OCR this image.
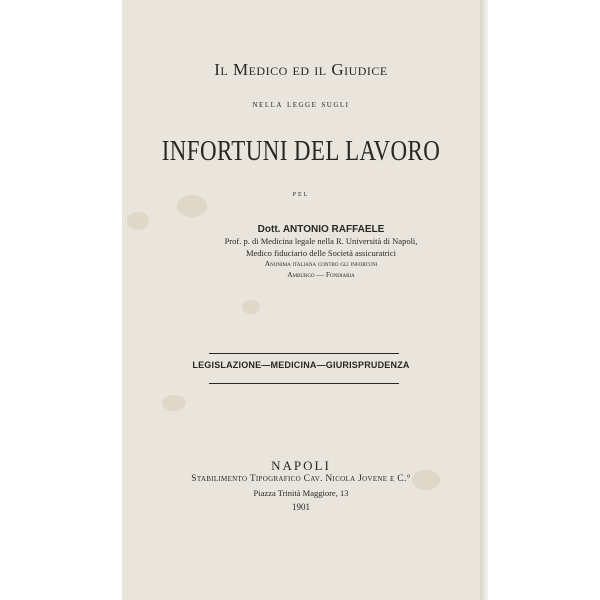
Il Medico ed il Giudice
nella legge sugli
INFORTUNI DEL LAVORO
pel
Dott. ANTONIO RAFFAELE
Prof. p. di Medicina legale nella R. Università di Napoli,
Medico fiduciario delle Società assicuratrici
Anonima italiana contro gli infortuni
Amburgo — Fondiaria
LEGISLAZIONE—MEDICINA—GIURISPRUDENZA
NAPOLI
Stabilimento Tipografico Cav. Nicola Jovene e C.°
Piazza Trinità Maggiore, 13
1901
